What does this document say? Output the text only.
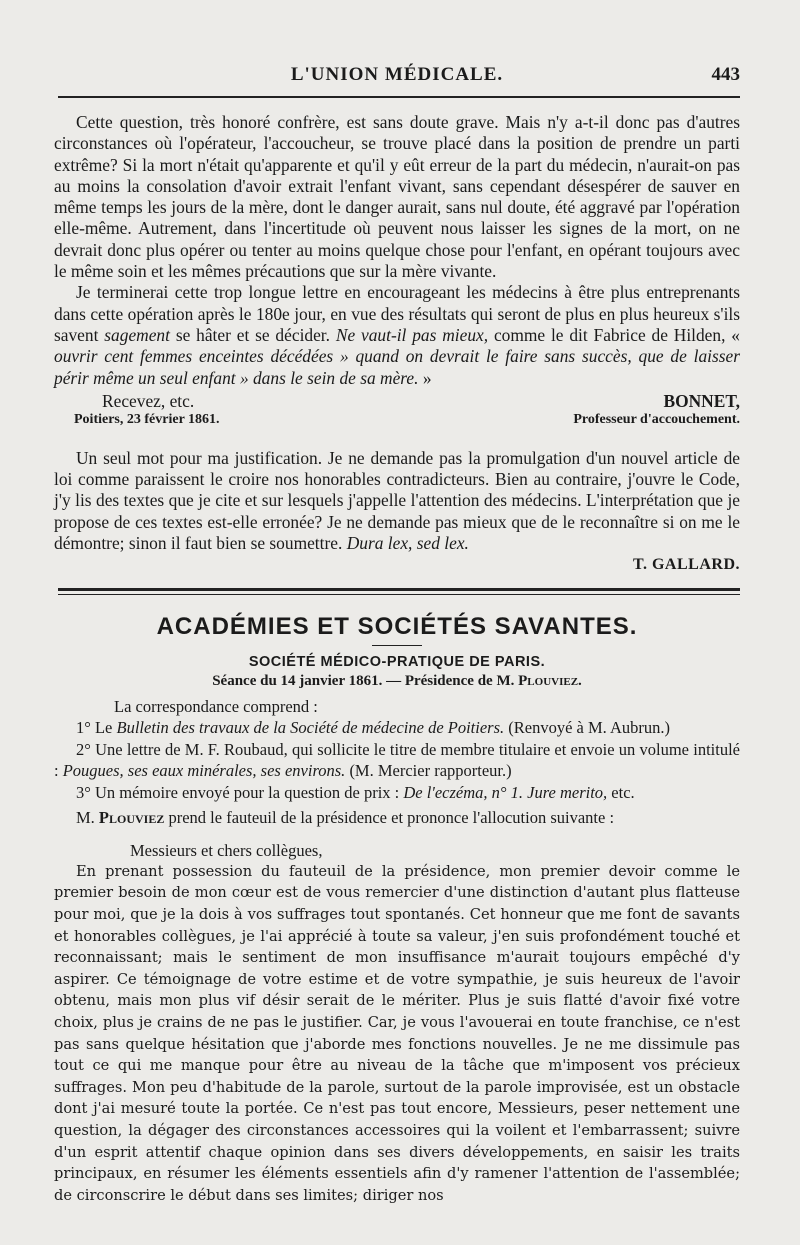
L'UNION MÉDICALE.	443

Cette question, très honoré confrère, est sans doute grave. Mais n'y a-t-il donc pas d'autres circonstances où l'opérateur, l'accoucheur, se trouve placé dans la position de prendre un parti extrême? Si la mort n'était qu'apparente et qu'il y eût erreur de la part du médecin, n'aurait-on pas au moins la consolation d'avoir extrait l'enfant vivant, sans cependant désespérer de sauver en même temps les jours de la mère, dont le danger aurait, sans nul doute, été aggravé par l'opération elle-même. Autrement, dans l'incertitude où peuvent nous laisser les signes de la mort, on ne devrait donc plus opérer ou tenter au moins quelque chose pour l'enfant, en opérant toujours avec le même soin et les mêmes précautions que sur la mère vivante.

Je terminerai cette trop longue lettre en encourageant les médecins à être plus entreprenants dans cette opération après le 180e jour, en vue des résultats qui seront de plus en plus heureux s'ils savent sagement se hâter et se décider. Ne vaut-il pas mieux, comme le dit Fabrice de Hilden, « ouvrir cent femmes enceintes décédées » quand on devrait le faire sans succès, que de laisser périr même un seul enfant » dans le sein de sa mère. »

Recevez, etc.	BONNET,
Poitiers, 23 février 1861.	Professeur d'accouchement.

Un seul mot pour ma justification. Je ne demande pas la promulgation d'un nouvel article de loi comme paraissent le croire nos honorables contradicteurs. Bien au contraire, j'ouvre le Code, j'y lis des textes que je cite et sur lesquels j'appelle l'attention des médecins. L'interprétation que je propose de ces textes est-elle erronée? Je ne demande pas mieux que de le reconnaître si on me le démontre; sinon il faut bien se soumettre. Dura lex, sed lex.

T. GALLARD.
ACADÉMIES ET SOCIÉTÉS SAVANTES.
SOCIÉTÉ MÉDICO-PRATIQUE DE PARIS.
Séance du 14 janvier 1861. — Présidence de M. Plouviez.
La correspondance comprend :

1° Le Bulletin des travaux de la Société de médecine de Poitiers. (Renvoyé à M. Aubrun.)

2° Une lettre de M. F. Roubaud, qui sollicite le titre de membre titulaire et envoie un volume intitulé : Pougues, ses eaux minérales, ses environs. (M. Mercier rapporteur.)

3° Un mémoire envoyé pour la question de prix : De l'eczéma, n° 1. Jure merito, etc.

M. Plouviez prend le fauteuil de la présidence et prononce l'allocution suivante :

Messieurs et chers collègues,

En prenant possession du fauteuil de la présidence, mon premier devoir comme le premier besoin de mon cœur est de vous remercier d'une distinction d'autant plus flatteuse pour moi, que je la dois à vos suffrages tout spontanés. Cet honneur que me font de savants et honorables collègues, je l'ai apprécié à toute sa valeur, j'en suis profondément touché et reconnaissant; mais le sentiment de mon insuffisance m'aurait toujours empêché d'y aspirer. Ce témoignage de votre estime et de votre sympathie, je suis heureux de l'avoir obtenu, mais mon plus vif désir serait de le mériter. Plus je suis flatté d'avoir fixé votre choix, plus je crains de ne pas le justifier. Car, je vous l'avouerai en toute franchise, ce n'est pas sans quelque hésitation que j'aborde mes fonctions nouvelles. Je ne me dissimule pas tout ce qui me manque pour être au niveau de la tâche que m'imposent vos précieux suffrages. Mon peu d'habitude de la parole, surtout de la parole improvisée, est un obstacle dont j'ai mesuré toute la portée. Ce n'est pas tout encore, Messieurs, peser nettement une question, la dégager des circonstances accessoires qui la voilent et l'embarrassent; suivre d'un esprit attentif chaque opinion dans ses divers développements, en saisir les traits principaux, en résumer les éléments essentiels afin d'y ramener l'attention de l'assemblée; de circonscrire le début dans ses limites; diriger nos
